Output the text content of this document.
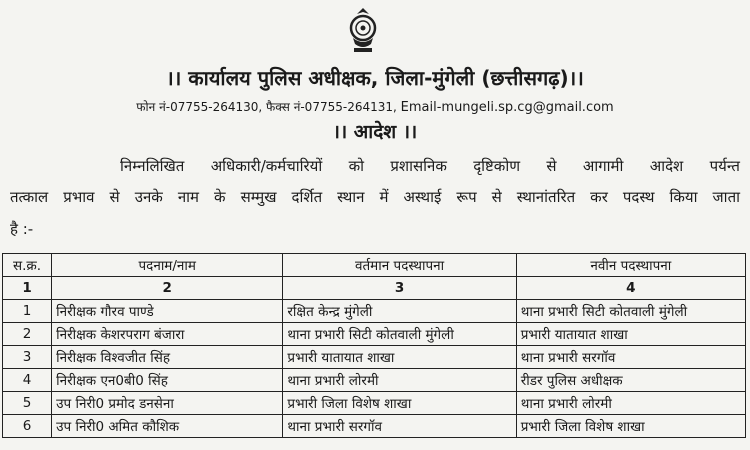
।। कार्यालय पुलिस अधीक्षक, जिला-मुंगेली (छत्तीसगढ़)।।
फोन नं-07755-264130, फैक्स नं-07755-264131, Email-mungeli.sp.cg@gmail.com
।। आदेश ।।
निम्नलिखित अधिकारी/कर्मचारियों को प्रशासनिक दृष्टिकोण से आगामी आदेश पर्यन्त
तत्काल प्रभाव से उनके नाम के सम्मुख दर्शित स्थान में अस्थाई रूप से स्थानांतरित कर पदस्थ किया जाता
है :-
स.क्र.	पदनाम/नाम	वर्तमान पदस्थापना	नवीन पदस्थापना
1	2	3	4
1	निरीक्षक गौरव पाण्डे	रक्षित केन्द्र मुंगेली	थाना प्रभारी सिटी कोतवाली मुंगेली
2	निरीक्षक केशरपराग बंजारा	थाना प्रभारी सिटी कोतवाली मुंगेली	प्रभारी यातायात शाखा
3	निरीक्षक विश्वजीत सिंह	प्रभारी यातायात शाखा	थाना प्रभारी सरगॉव
4	निरीक्षक एन0बी0 सिंह	थाना प्रभारी लोरमी	रीडर पुलिस अधीक्षक
5	उप निरी0 प्रमोद डनसेना	प्रभारी जिला विशेष शाखा	थाना प्रभारी लोरमी
6	उप निरी0 अमित कौशिक	थाना प्रभारी सरगॉव	प्रभारी जिला विशेष शाखा
